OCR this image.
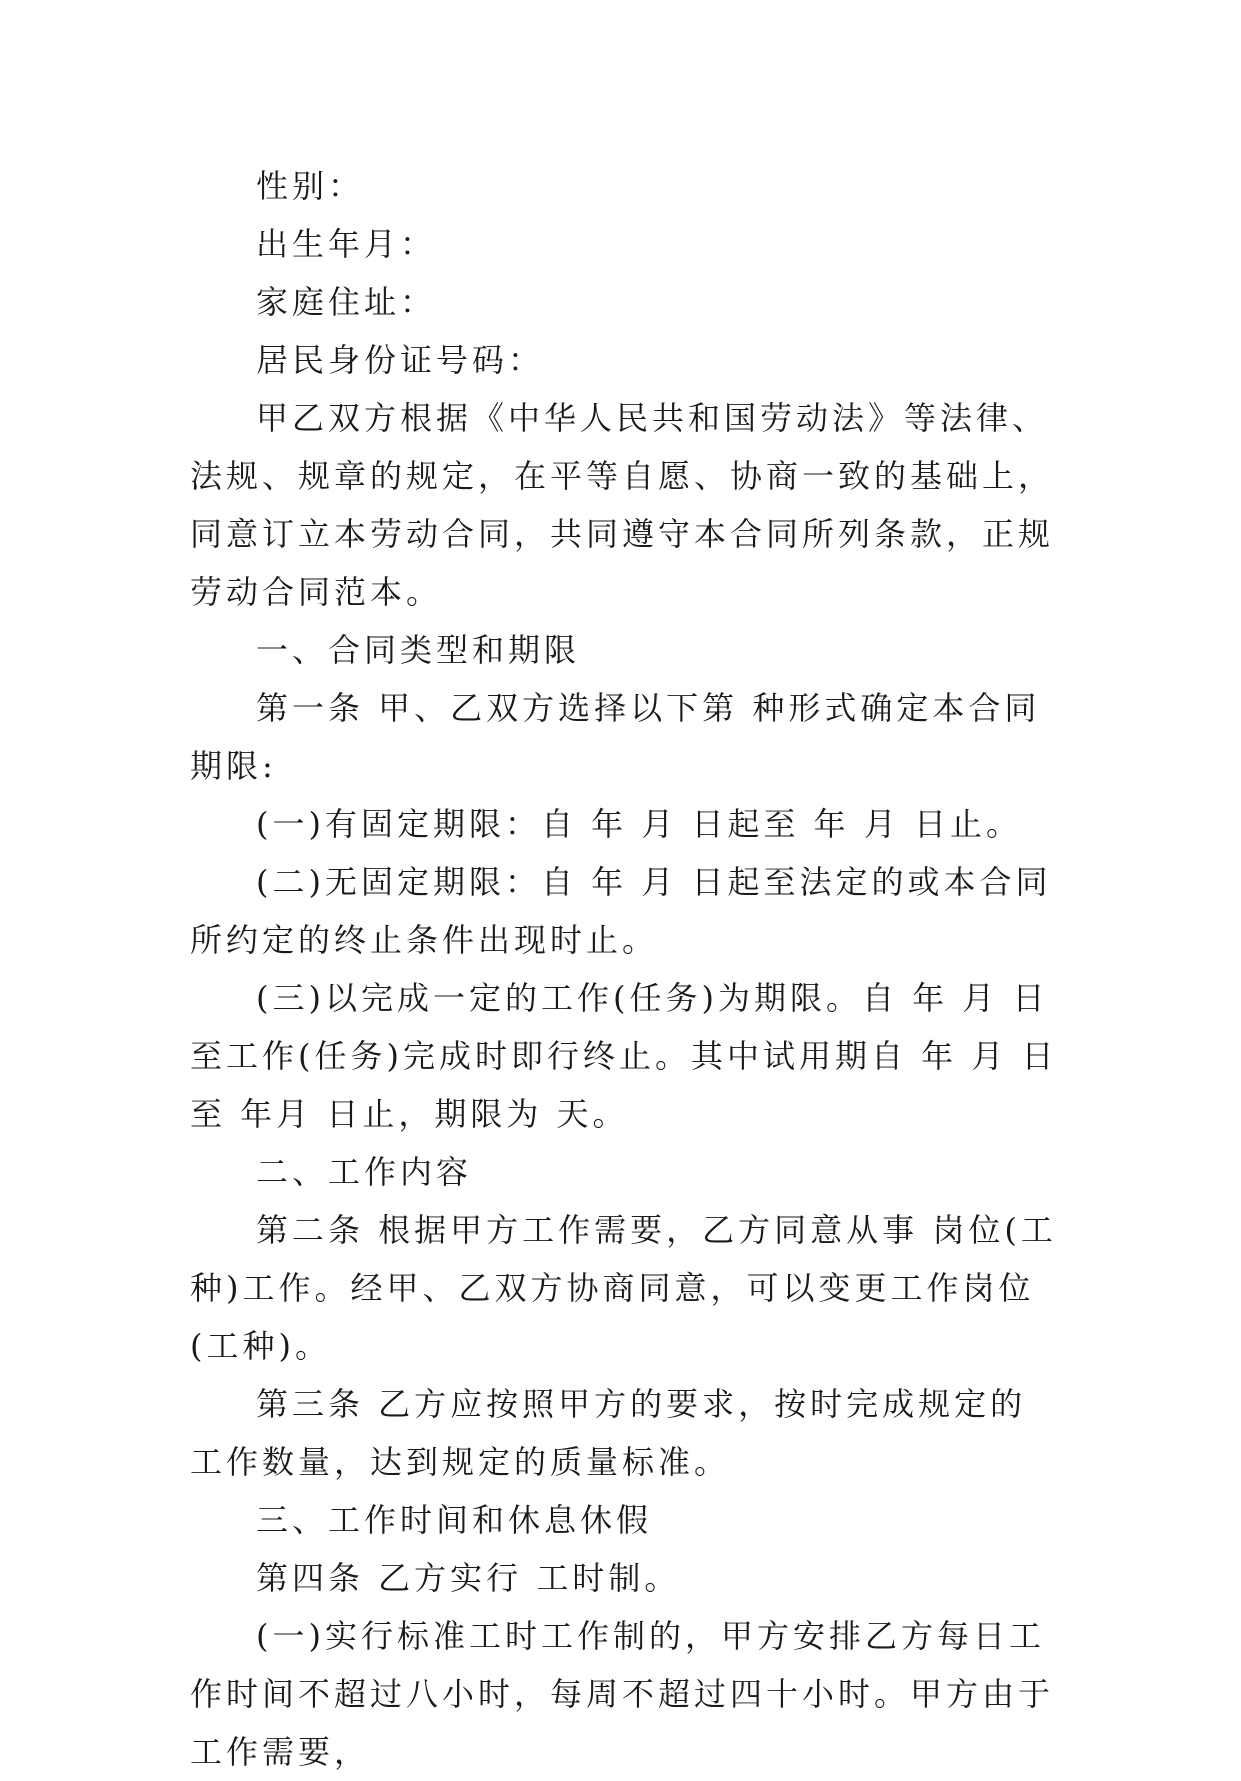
性别：

出生年月：

家庭住址：

居民身份证号码：

甲乙双方根据《中华人民共和国劳动法》等法律、法规、规章的规定，在平等自愿、协商一致的基础上，同意订立本劳动合同，共同遵守本合同所列条款，正规劳动合同范本。

一、合同类型和期限

第一条 甲、乙双方选择以下第 种形式确定本合同期限:

(一)有固定期限：自 年 月 日起至 年 月 日止。

(二)无固定期限：自 年 月 日起至法定的或本合同所约定的终止条件出现时止。

(三)以完成一定的工作(任务)为期限。自 年 月 日至工作(任务)完成时即行终止。其中试用期自 年 月 日至 年月 日止，期限为 天。

二、工作内容

第二条 根据甲方工作需要，乙方同意从事 岗位(工种)工作。经甲、乙双方协商同意，可以变更工作岗位(工种)。

第三条 乙方应按照甲方的要求，按时完成规定的工作数量，达到规定的质量标准。

三、工作时间和休息休假

第四条 乙方实行 工时制。

(一)实行标准工时工作制的，甲方安排乙方每日工作时间不超过八小时，每周不超过四十小时。甲方由于工作需要，
